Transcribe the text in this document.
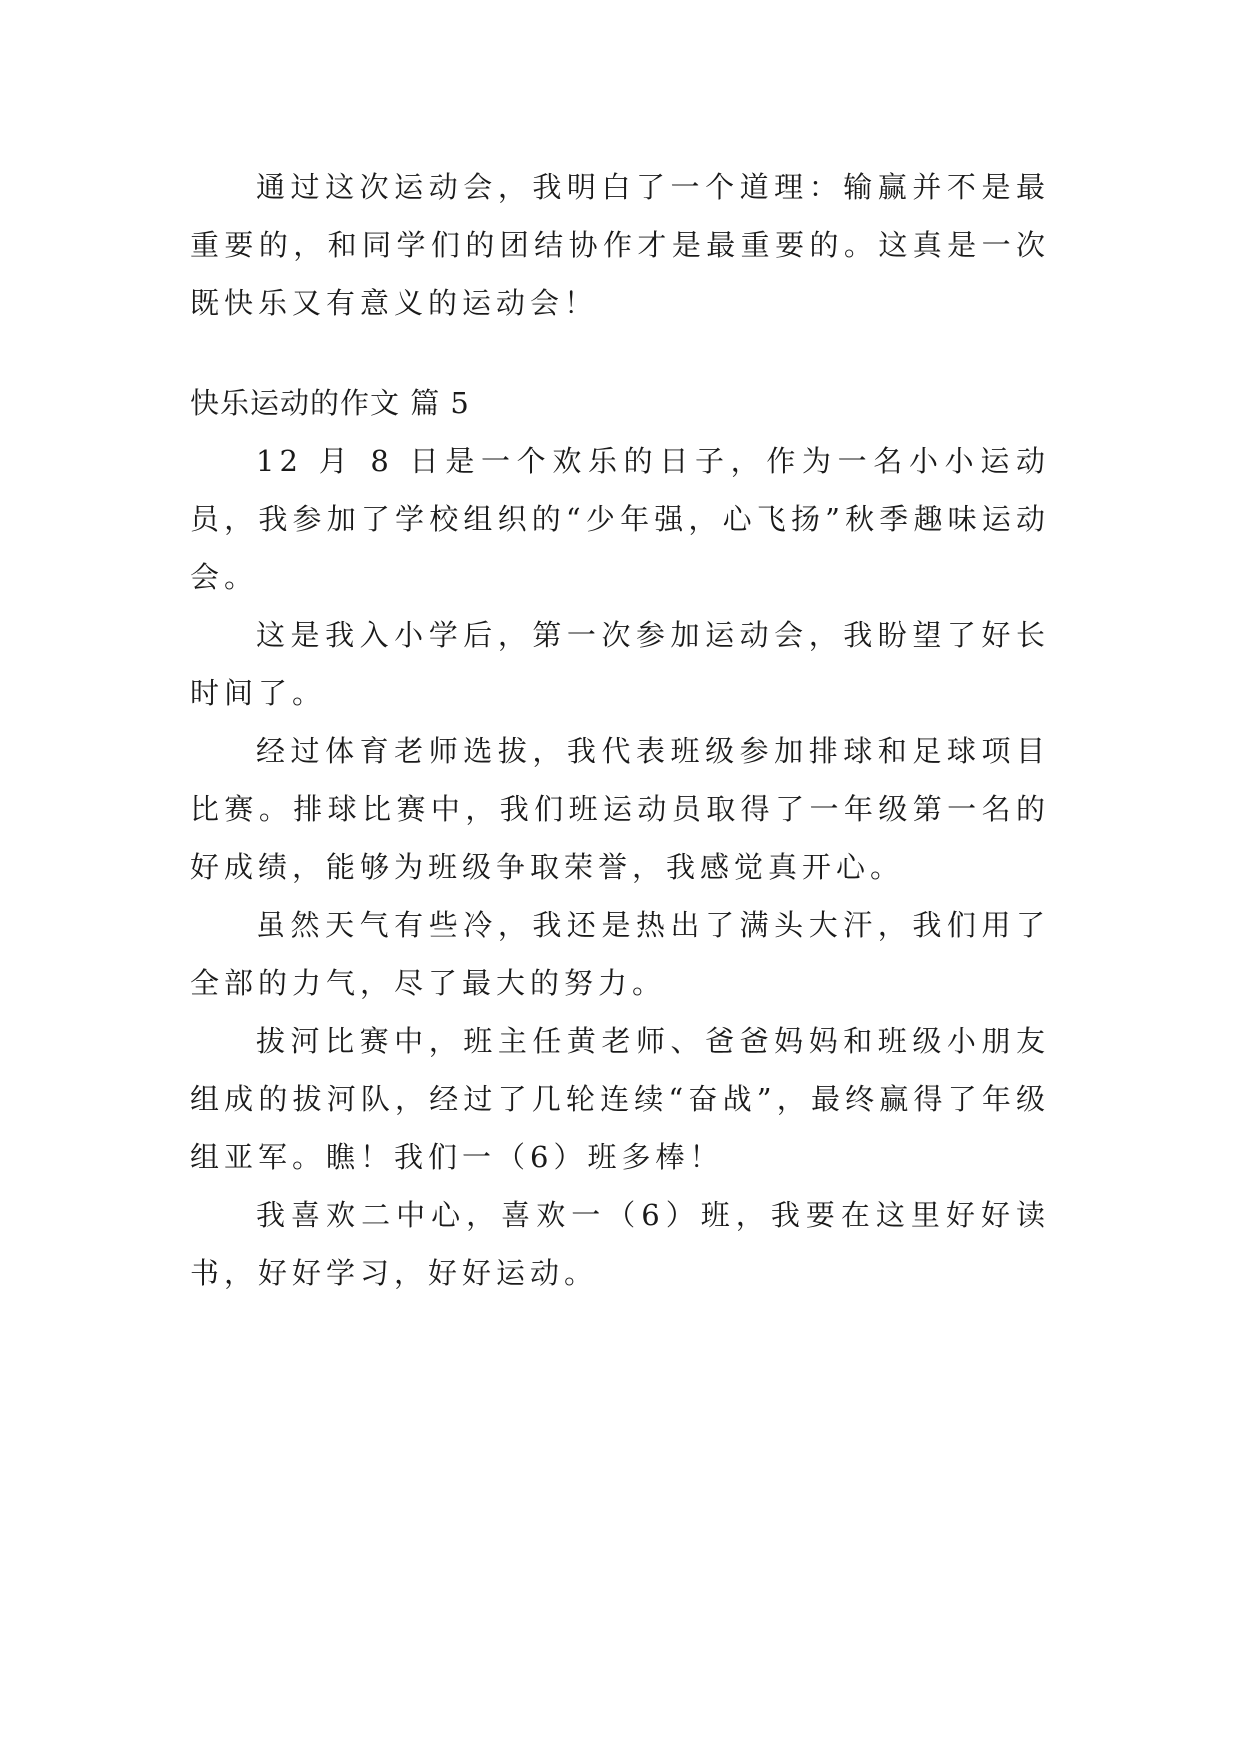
通过这次运动会，我明白了一个道理：输赢并不是最重要的，和同学们的团结协作才是最重要的。这真是一次既快乐又有意义的运动会！

快乐运动的作文 篇 5

12 月 8 日是一个欢乐的日子，作为一名小小运动员，我参加了学校组织的“少年强，心飞扬”秋季趣味运动会。

这是我入小学后，第一次参加运动会，我盼望了好长时间了。

经过体育老师选拔，我代表班级参加排球和足球项目比赛。排球比赛中，我们班运动员取得了一年级第一名的好成绩，能够为班级争取荣誉，我感觉真开心。

虽然天气有些冷，我还是热出了满头大汗，我们用了全部的力气，尽了最大的努力。

拔河比赛中，班主任黄老师、爸爸妈妈和班级小朋友组成的拔河队，经过了几轮连续“奋战”，最终赢得了年级组亚军。瞧！我们一（6）班多棒！

我喜欢二中心，喜欢一（6）班，我要在这里好好读书，好好学习，好好运动。
